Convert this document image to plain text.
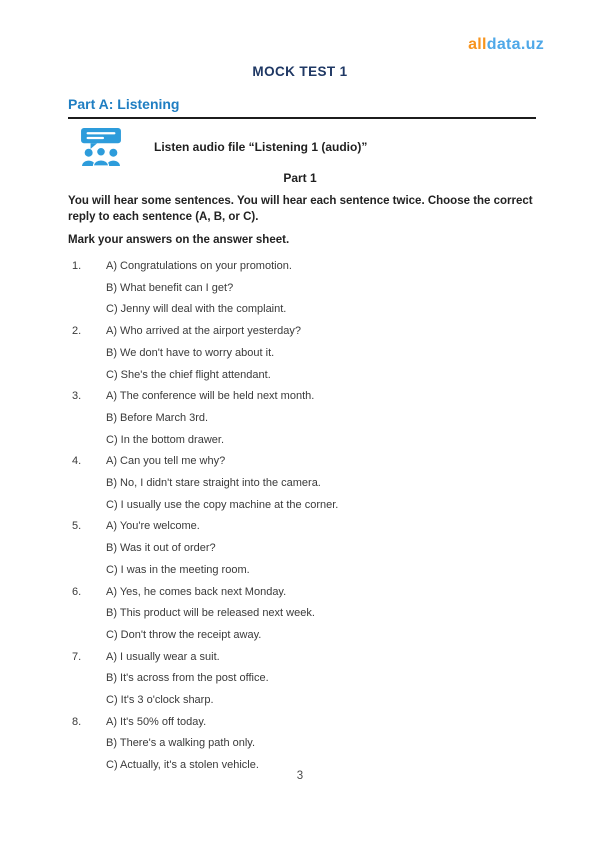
alldata.uz
MOCK TEST 1
Part A: Listening
Listen audio file “Listening 1 (audio)”
Part 1
You will hear some sentences. You will hear each sentence twice. Choose the correct reply to each sentence (A, B, or C).
Mark your answers on the answer sheet.
1.	A) Congratulations on your promotion.
B) What benefit can I get?
C) Jenny will deal with the complaint.
2.	A) Who arrived at the airport yesterday?
B) We don't have to worry about it.
C) She's the chief flight attendant.
3.	A) The conference will be held next month.
B) Before March 3rd.
C) In the bottom drawer.
4.	A) Can you tell me why?
B) No, I didn't stare straight into the camera.
C) I usually use the copy machine at the corner.
5.	A) You're welcome.
B) Was it out of order?
C) I was in the meeting room.
6.	A) Yes, he comes back next Monday.
B) This product will be released next week.
C) Don't throw the receipt away.
7.	A) I usually wear a suit.
B) It's across from the post office.
C) It's 3 o'clock sharp.
8.	A) It's 50% off today.
B) There's a walking path only.
C) Actually, it's a stolen vehicle.
3
